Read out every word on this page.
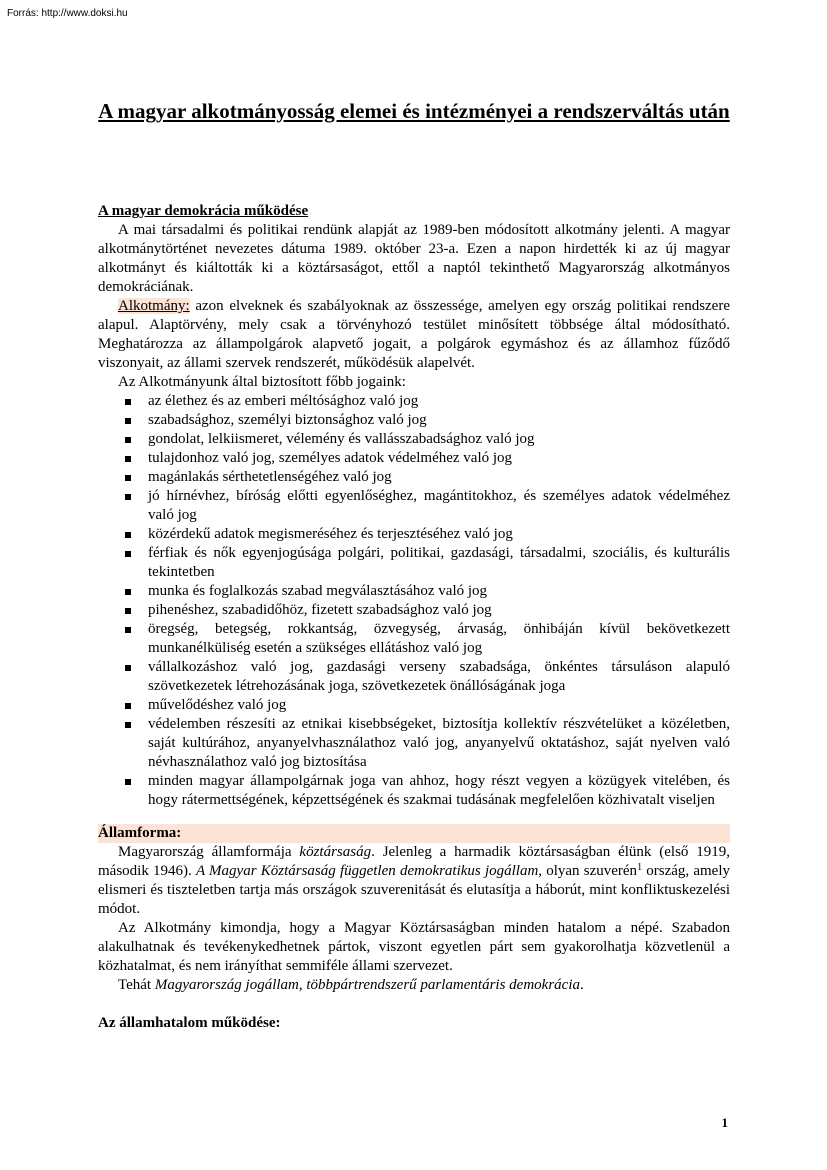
Forrás: http://www.doksi.hu
A magyar alkotmányosság elemei és intézményei a rendszerváltás után
A magyar demokrácia működése

A mai társadalmi és politikai rendünk alapját az 1989-ben módosított alkotmány jelenti. A magyar alkotmánytörténet nevezetes dátuma 1989. október 23-a. Ezen a napon hirdették ki az új magyar alkotmányt és kiáltották ki a köztársaságot, ettől a naptól tekinthető Magyarország alkotmányos demokráciának.

Alkotmány: azon elveknek és szabályoknak az összessége, amelyen egy ország politikai rendszere alapul. Alaptörvény, mely csak a törvényhozó testület minősített többsége által módosítható. Meghatározza az állampolgárok alapvető jogait, a polgárok egymáshoz és az államhoz fűződő viszonyait, az állami szervek rendszerét, működésük alapelvét.

Az Alkotmányunk által biztosított főbb jogaink:

az élethez és az emberi méltósághoz való jog
szabadsághoz, személyi biztonsághoz való jog
gondolat, lelkiismeret, vélemény és vallásszabadsághoz való jog
tulajdonhoz való jog, személyes adatok védelméhez való jog
magánlakás sérthetetlenségéhez való jog
jó hírnévhez, bíróság előtti egyenlőséghez, magántitokhoz, és személyes adatok védelméhez való jog
közérdekű adatok megismeréséhez és terjesztéséhez való jog
férfiak és nők egyenjogúsága polgári, politikai, gazdasági, társadalmi, szociális, és kulturális tekintetben
munka és foglalkozás szabad megválasztásához való jog
pihenéshez, szabadidőhöz, fizetett szabadsághoz való jog
öregség, betegség, rokkantság, özvegység, árvaság, önhibáján kívül bekövetkezett munkanélküliség esetén a szükséges ellátáshoz való jog
vállalkozáshoz való jog, gazdasági verseny szabadsága, önkéntes társuláson alapuló szövetkezetek létrehozásának joga, szövetkezetek önállóságának joga
művelődéshez való jog
védelemben részesíti az etnikai kisebbségeket, biztosítja kollektív részvételüket a közéletben, saját kultúrához, anyanyelvhasználathoz való jog, anyanyelvű oktatáshoz, saját nyelven való névhasználathoz való jog biztosítása
minden magyar állampolgárnak joga van ahhoz, hogy részt vegyen a közügyek vitelében, és hogy rátermettségének, képzettségének és szakmai tudásának megfelelően közhivatalt viseljen
Államforma:

Magyarország államformája köztársaság. Jelenleg a harmadik köztársaságban élünk (első 1919, második 1946). A Magyar Köztársaság független demokratikus jogállam, olyan szuverén$^1$ ország, amely elismeri és tiszteletben tartja más országok szuverenitását és elutasítja a háborút, mint konfliktuskezelési módot.

Az Alkotmány kimondja, hogy a Magyar Köztársaságban minden hatalom a népé. Szabadon alakulhatnak és tevékenykedhetnek pártok, viszont egyetlen párt sem gyakorolhatja közvetlenül a közhatalmat, és nem irányíthat semmiféle állami szervezet.

Tehát Magyarország jogállam, többpártrendszerű parlamentáris demokrácia.

Az államhatalom működése:
1
